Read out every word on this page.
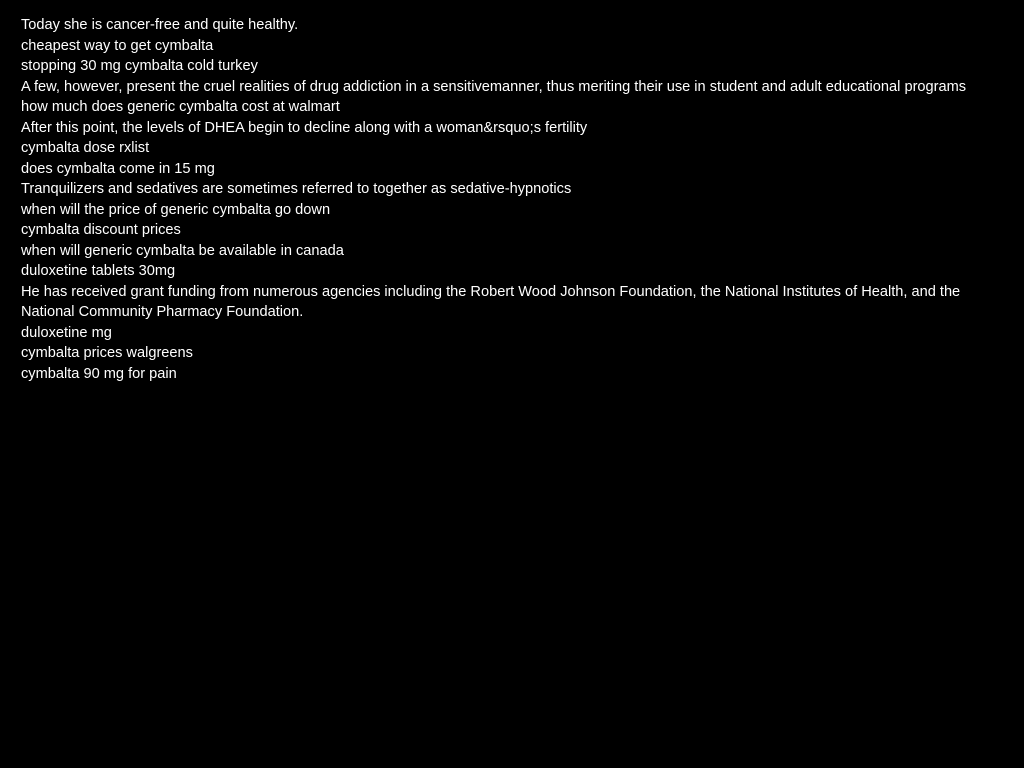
Today she is cancer-free and quite healthy.

cheapest way to get cymbalta

stopping 30 mg cymbalta cold turkey

A few, however, present the cruel realities of drug addiction in a sensitivemanner, thus meriting their use in student and adult educational programs

how much does generic cymbalta cost at walmart

After this point, the levels of DHEA begin to decline along with a woman&rsquo;s fertility

cymbalta dose rxlist

does cymbalta come in 15 mg

Tranquilizers and sedatives are sometimes referred to together as sedative-hypnotics

when will the price of generic cymbalta go down

cymbalta discount prices

when will generic cymbalta be available in canada

duloxetine tablets 30mg

He has received grant funding from numerous agencies including the Robert Wood Johnson Foundation, the National Institutes of Health, and the National Community Pharmacy Foundation.

duloxetine mg

cymbalta prices walgreens

cymbalta 90 mg for pain
